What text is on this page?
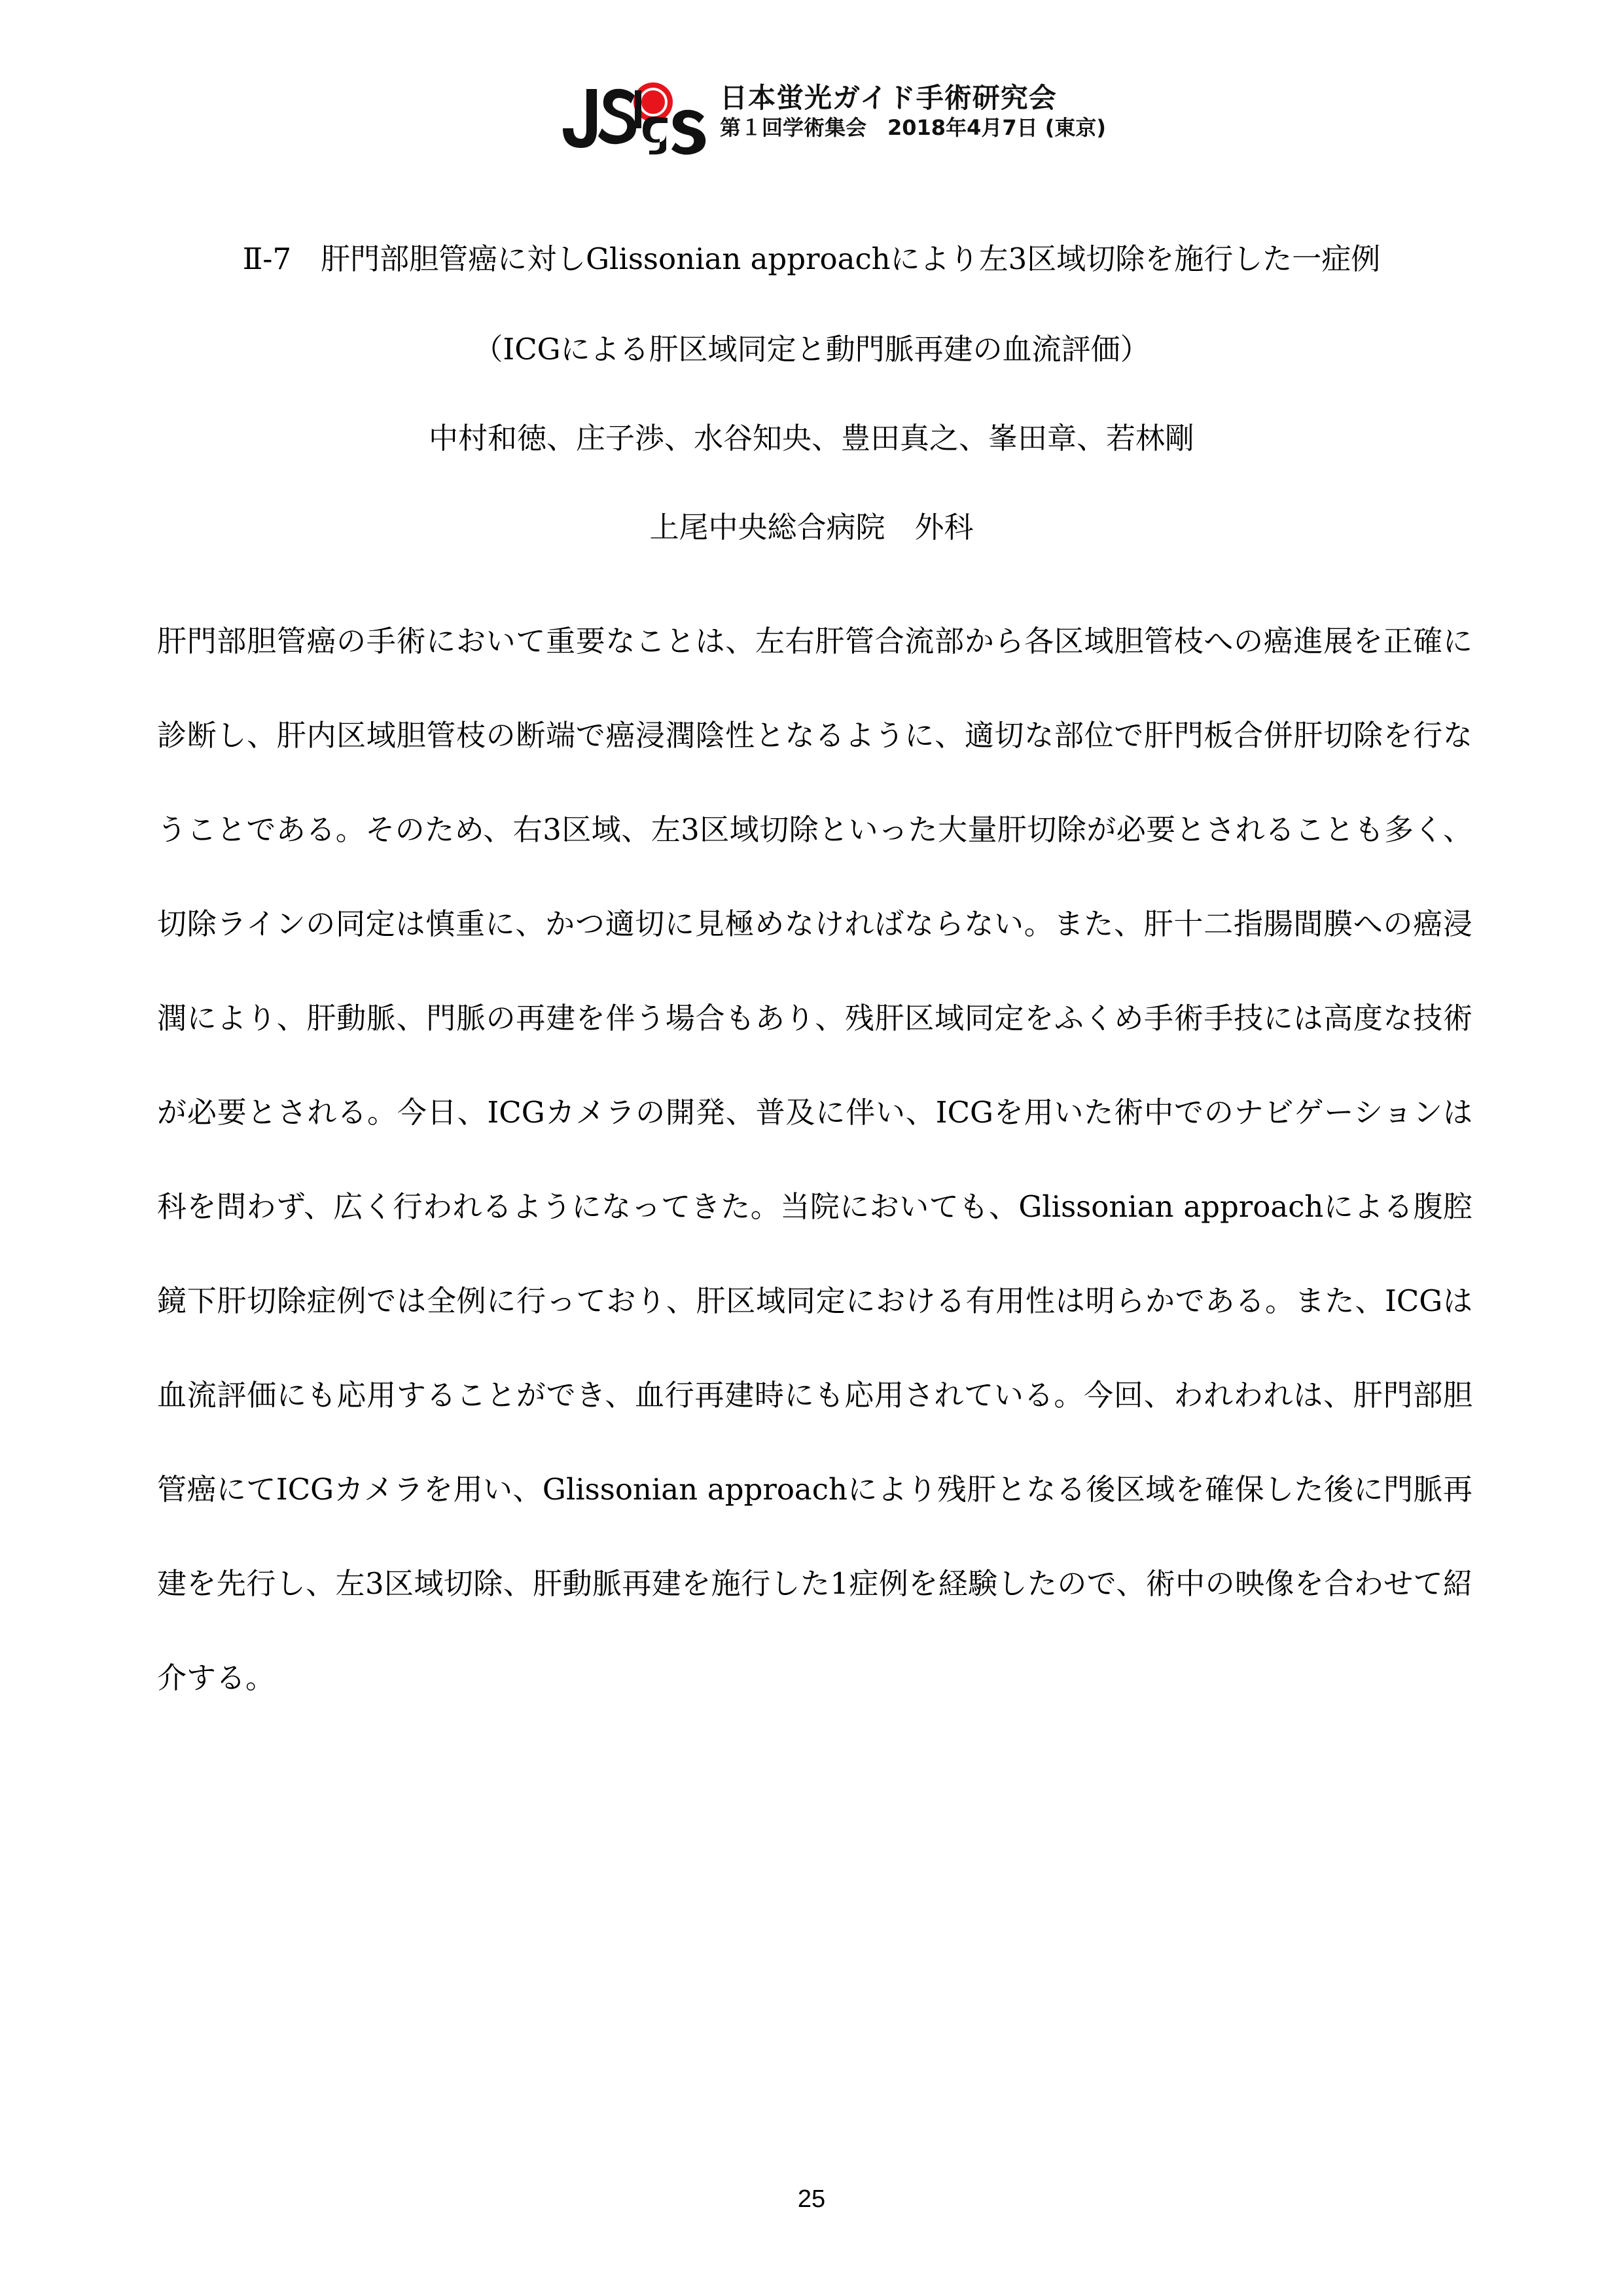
日本蛍光ガイド手術研究会
第１回学術集会　2018年4月7日 (東京)
Ⅱ-7　肝門部胆管癌に対しGlissonian approachにより左3区域切除を施行した一症例
（ICGによる肝区域同定と動門脈再建の血流評価）
中村和徳、庄子渉、水谷知央、豊田真之、峯田章、若林剛
上尾中央総合病院　外科
肝門部胆管癌の手術において重要なことは、左右肝管合流部から各区域胆管枝への癌進展を正確に診断し、肝内区域胆管枝の断端で癌浸潤陰性となるように、適切な部位で肝門板合併肝切除を行なうことである。そのため、右3区域、左3区域切除といった大量肝切除が必要とされることも多く、切除ラインの同定は慎重に、かつ適切に見極めなければならない。また、肝十二指腸間膜への癌浸潤により、肝動脈、門脈の再建を伴う場合もあり、残肝区域同定をふくめ手術手技には高度な技術が必要とされる。今日、ICGカメラの開発、普及に伴い、ICGを用いた術中でのナビゲーションは科を問わず、広く行われるようになってきた。当院においても、Glissonian approachによる腹腔鏡下肝切除症例では全例に行っており、肝区域同定における有用性は明らかである。また、ICGは血流評価にも応用することができ、血行再建時にも応用されている。今回、われわれは、肝門部胆管癌にてICGカメラを用い、Glissonian approachにより残肝となる後区域を確保した後に門脈再建を先行し、左3区域切除、肝動脈再建を施行した1症例を経験したので、術中の映像を合わせて紹介する。
25
